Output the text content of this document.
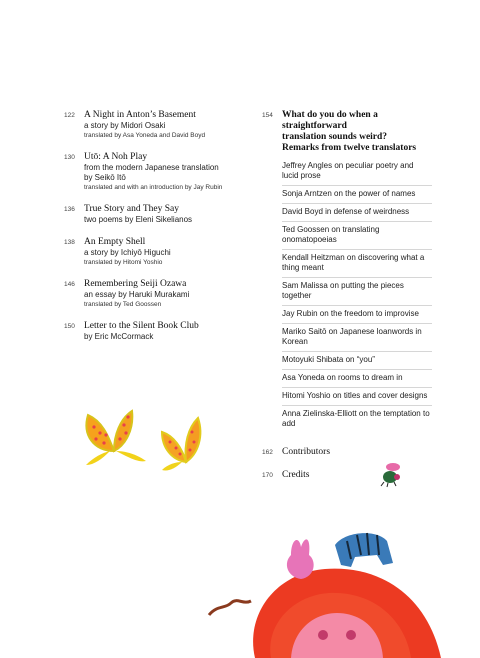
122 A Night in Anton’s Basement
a story by Midori Osaki
translated by Asa Yoneda and David Boyd
130 Utō: A Noh Play
from the modern Japanese translation
by Seikō Itō
translated and with an introduction by Jay Rubin
136 True Story and They Say
two poems by Eleni Sikelianos
138 An Empty Shell
a story by Ichiyō Higuchi
translated by Hitomi Yoshio
146 Remembering Seiji Ozawa
an essay by Haruki Murakami
translated by Ted Goossen
150 Letter to the Silent Book Club
by Eric McCormack
154 What do you do when a straightforward
translation sounds weird?
Remarks from twelve translators
Jeffrey Angles on peculiar poetry and lucid prose
Sonja Arntzen on the power of names
David Boyd in defense of weirdness
Ted Goossen on translating onomatopoeias
Kendall Heitzman on discovering what a thing meant
Sam Malissa on putting the pieces together
Jay Rubin on the freedom to improvise
Mariko Saitō on Japanese loanwords in Korean
Motoyuki Shibata on “you”
Asa Yoneda on rooms to dream in
Hitomi Yoshio on titles and cover designs
Anna Zielinska-Elliott on the temptation to add
162 Contributors
170 Credits
